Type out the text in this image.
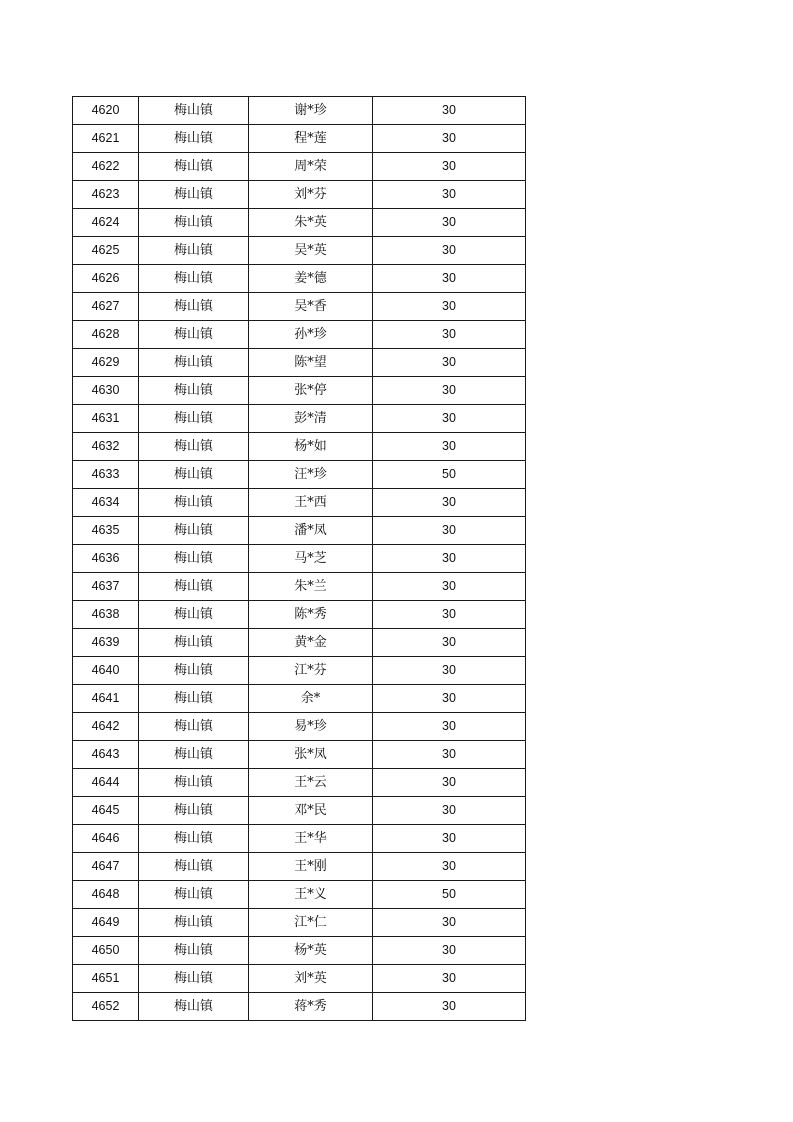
4620	梅山镇	谢*珍	30
4621	梅山镇	程*莲	30
4622	梅山镇	周*荣	30
4623	梅山镇	刘*芬	30
4624	梅山镇	朱*英	30
4625	梅山镇	吴*英	30
4626	梅山镇	姜*德	30
4627	梅山镇	吴*香	30
4628	梅山镇	孙*珍	30
4629	梅山镇	陈*望	30
4630	梅山镇	张*停	30
4631	梅山镇	彭*清	30
4632	梅山镇	杨*如	30
4633	梅山镇	汪*珍	50
4634	梅山镇	王*西	30
4635	梅山镇	潘*凤	30
4636	梅山镇	马*芝	30
4637	梅山镇	朱*兰	30
4638	梅山镇	陈*秀	30
4639	梅山镇	黄*金	30
4640	梅山镇	江*芬	30
4641	梅山镇	余*	30
4642	梅山镇	易*珍	30
4643	梅山镇	张*凤	30
4644	梅山镇	王*云	30
4645	梅山镇	邓*民	30
4646	梅山镇	王*华	30
4647	梅山镇	王*刚	30
4648	梅山镇	王*义	50
4649	梅山镇	江*仁	30
4650	梅山镇	杨*英	30
4651	梅山镇	刘*英	30
4652	梅山镇	蒋*秀	30
